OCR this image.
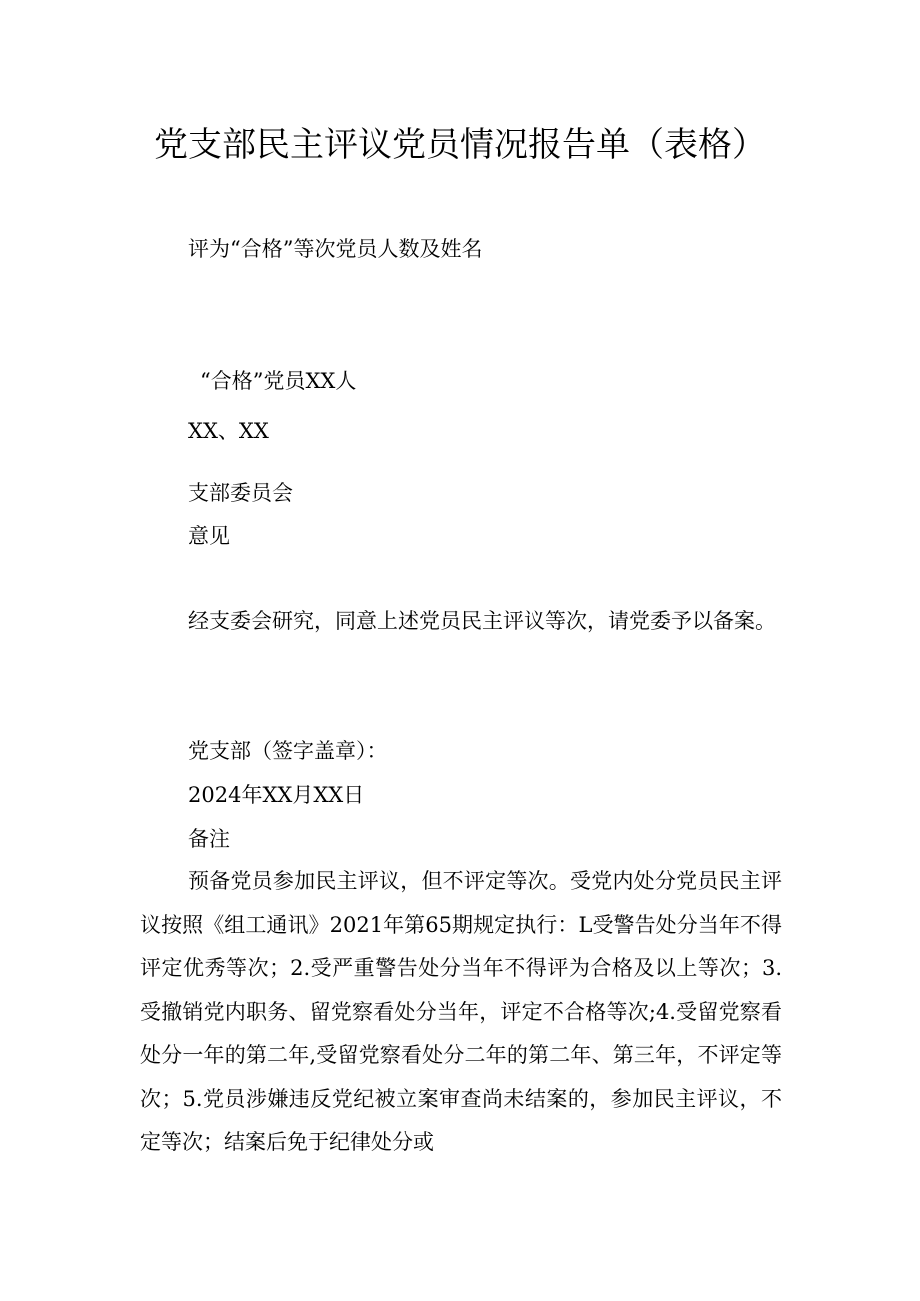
党支部民主评议党员情况报告单（表格）
评为“合格”等次党员人数及姓名
“合格”党员XX人
XX、XX
支部委员会
意见
经支委会研究，同意上述党员民主评议等次，请党委予以备案。
党支部（签字盖章）：
2024年XX月XX日
备注
预备党员参加民主评议，但不评定等次。受党内处分党员民主评议按照《组工通讯》2021年第65期规定执行：L受警告处分当年不得评定优秀等次；2.受严重警告处分当年不得评为合格及以上等次；3.受撤销党内职务、留党察看处分当年，评定不合格等次;4.受留党察看处分一年的第二年,受留党察看处分二年的第二年、第三年，不评定等次；5.党员涉嫌违反党纪被立案审查尚未结案的，参加民主评议，不定等次；结案后免于纪律处分或
